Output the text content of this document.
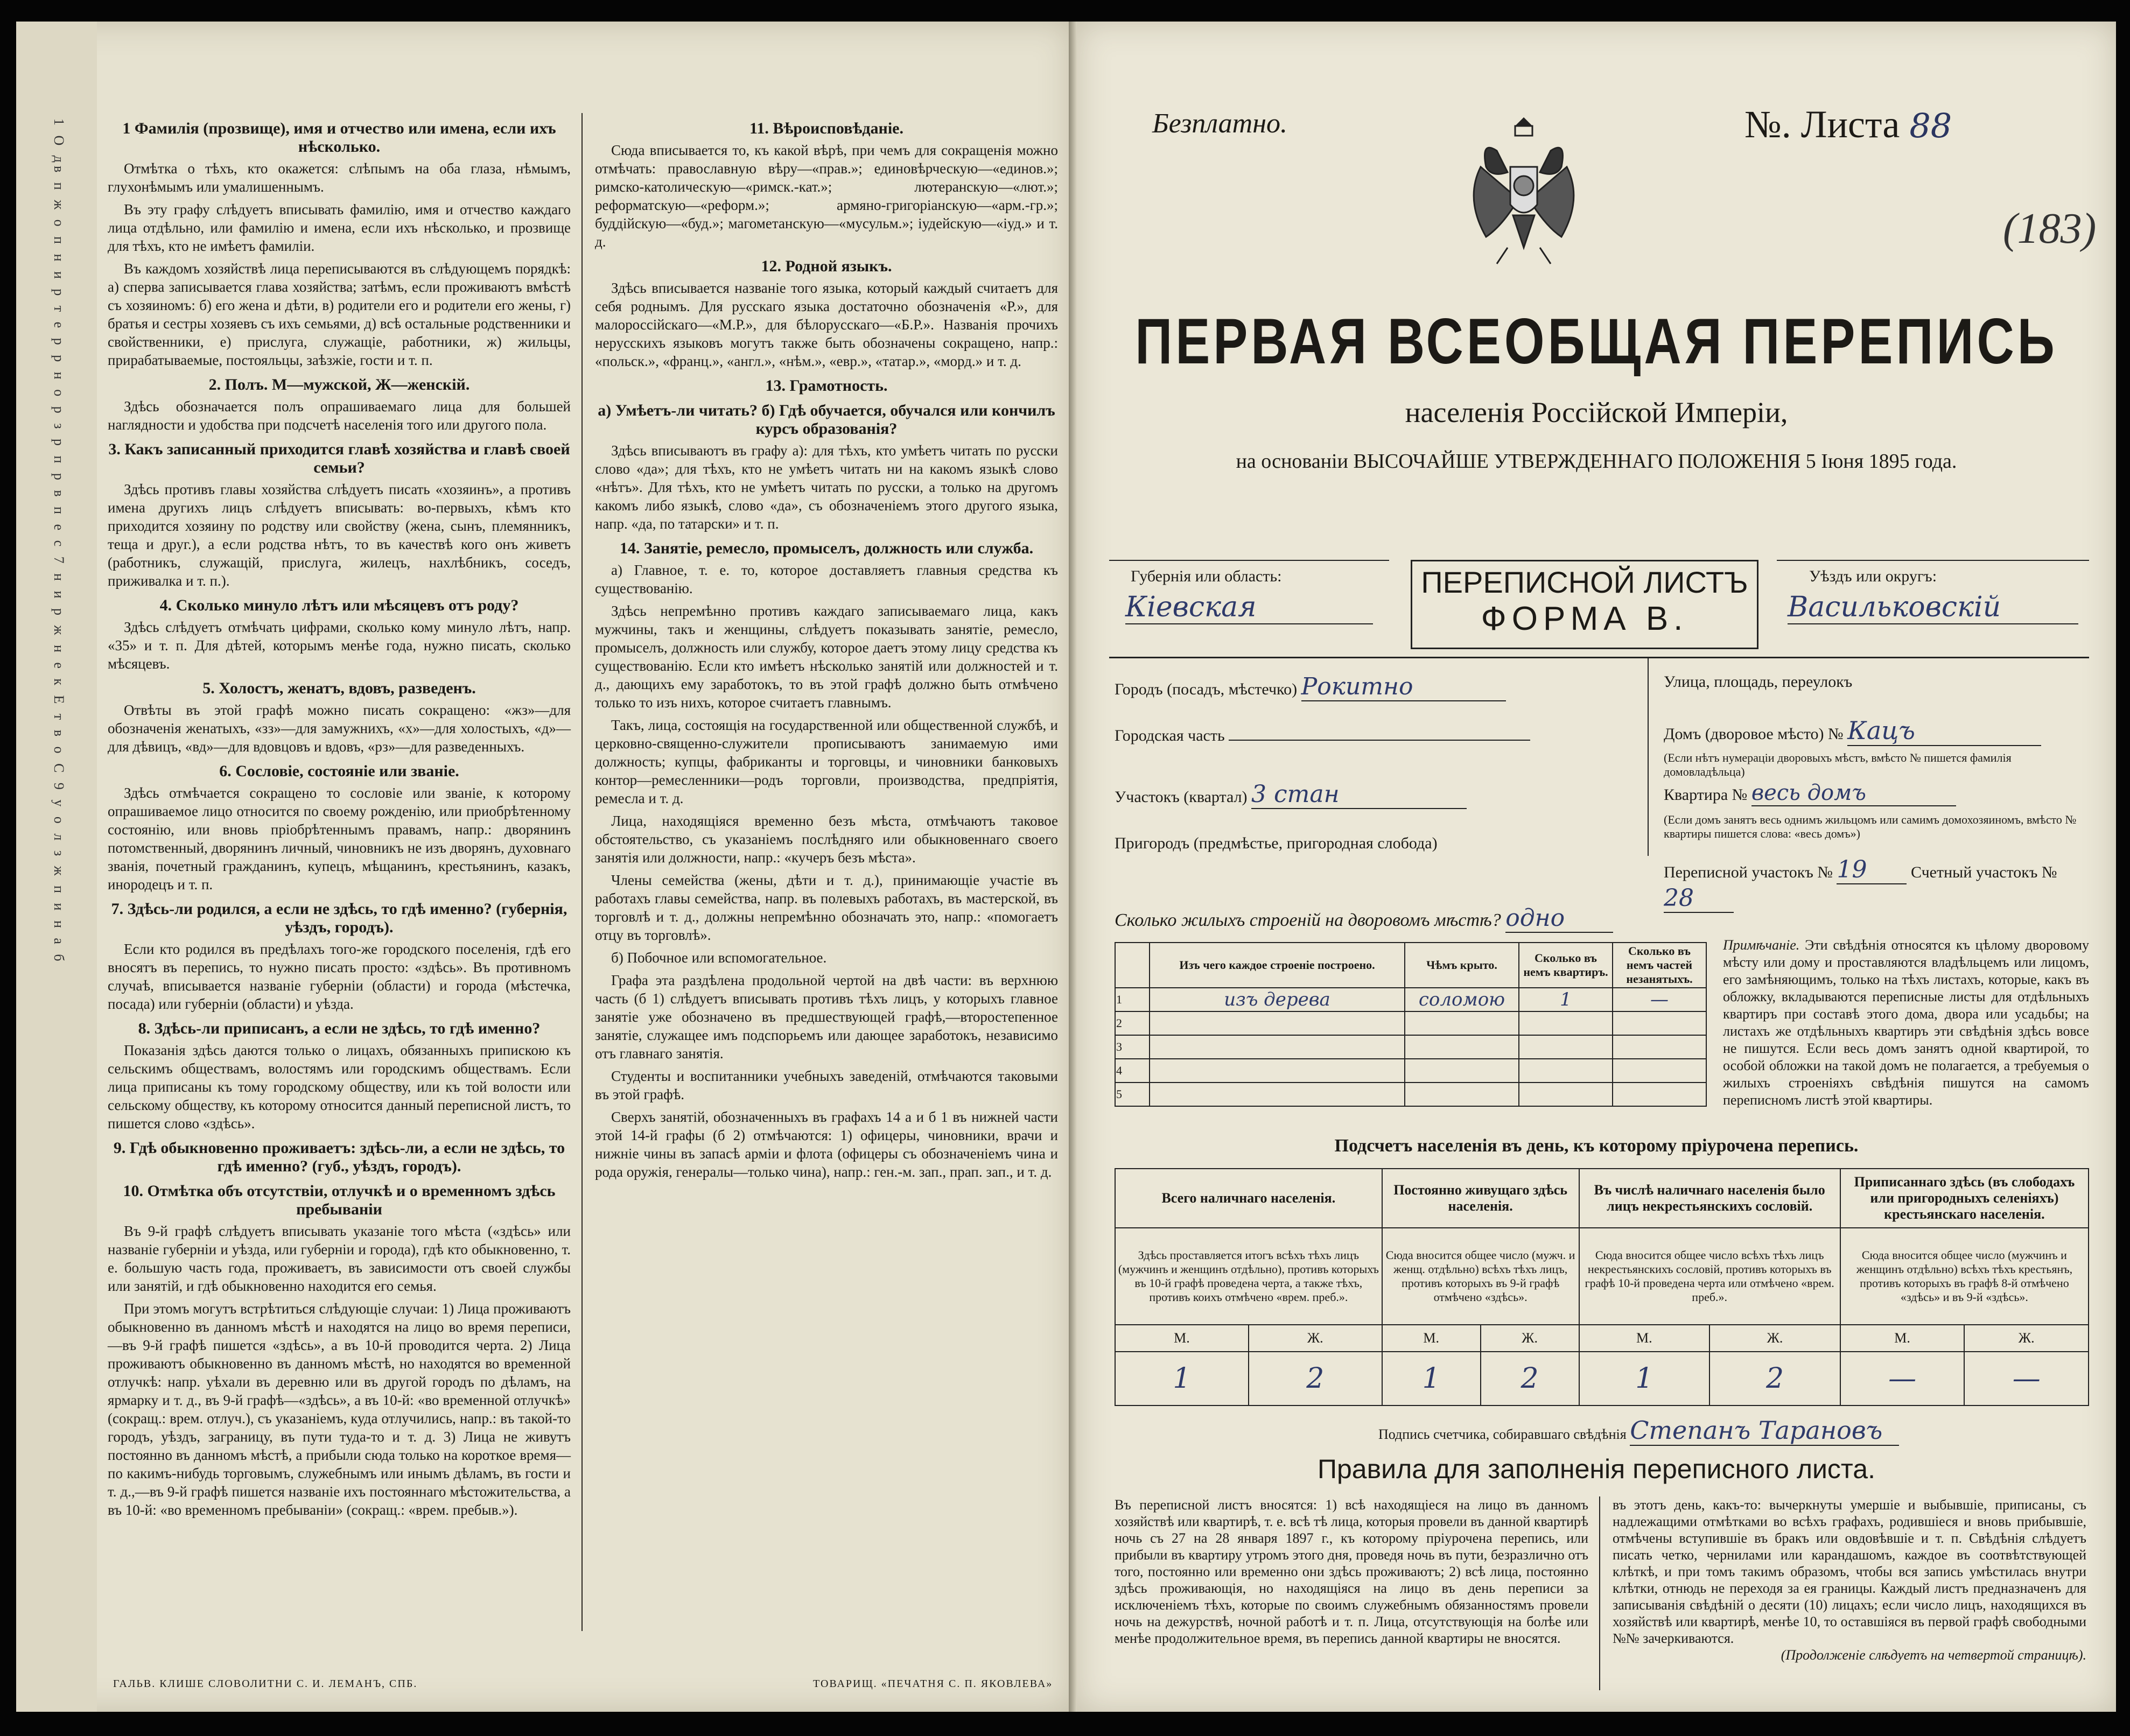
1 О дв п ж о п н и р т е р р н о р з р п р в п е с 7 н и р ж н е к Е т в о С 9 у о л з ж п и н а б	1 Фамилія (прозвище), имя и отчество или имена, если ихъ нѣсколько.

Отмѣтка о тѣхъ, кто окажется: слѣпымъ на оба глаза, нѣмымъ, глухонѣмымъ или умалишеннымъ.

Въ эту графу слѣдуетъ вписывать фамилію, имя и отчество каждаго лица отдѣльно, или фамилію и имена, если ихъ нѣсколько, и прозвище для тѣхъ, кто не имѣетъ фамиліи.

Въ каждомъ хозяйствѣ лица переписываются въ слѣдующемъ порядкѣ: а) сперва записывается глава хозяйства; затѣмъ, если проживаютъ вмѣстѣ съ хозяиномъ: б) его жена и дѣти, в) родители его и родители его жены, г) братья и сестры хозяевъ съ ихъ семьями, д) всѣ остальные родственники и свойственники, е) прислуга, служащіе, работники, ж) жильцы, прирабатываемые, постояльцы, заѣзжіе, гости и т. п.

2. Полъ. М—мужской, Ж—женскій.

Здѣсь обозначается полъ опрашиваемаго лица для большей наглядности и удобства при подсчетѣ населенія того или другого пола.

3. Какъ записанный приходится главѣ хозяйства и главѣ своей семьи?

Здѣсь противъ главы хозяйства слѣдуетъ писать «хозяинъ», а противъ имена другихъ лицъ слѣдуетъ вписывать: во-первыхъ, кѣмъ кто приходится хозяину по родству или свойству (жена, сынъ, племянникъ, теща и друг.), а если родства нѣтъ, то въ качествѣ кого онъ живетъ (работникъ, служащій, прислуга, жилецъ, нахлѣбникъ, соседъ, приживалка и т. п.).

4. Сколько минуло лѣтъ или мѣсяцевъ отъ роду?

Здѣсь слѣдуетъ отмѣчать цифрами, сколько кому минуло лѣтъ, напр. «35» и т. п. Для дѣтей, которымъ менѣе года, нужно писать, сколько мѣсяцевъ.

5. Холостъ, женатъ, вдовъ, разведенъ.

Отвѣты въ этой графѣ можно писать сокращено: «жз»—для обозначенія женатыхъ, «зз»—для замужнихъ, «х»—для холостыхъ, «д»—для дѣвицъ, «вд»—для вдовцовъ и вдовъ, «рз»—для разведенныхъ.

6. Сословіе, состояніе или званіе.

Здѣсь отмѣчается сокращено то сословіе или званіе, к которому опрашиваемое лицо относится по своему рожденію, или приобрѣтенному состоянію, или вновь пріобрѣтеннымъ правамъ, напр.: дворянинъ потомственный, дворянинъ личный, чиновникъ не изъ дворянъ, духовнаго званія, почетный гражданинъ, купецъ, мѣщанинъ, крестьянинъ, казакъ, инородецъ и т. п.

7. Здѣсь-ли родился, а если не здѣсь, то гдѣ именно? (губернія, уѣздъ, городъ).

Если кто родился въ предѣлахъ того-же городского поселенія, гдѣ его вносятъ въ перепись, то нужно писать просто: «здѣсь». Въ противномъ случаѣ, вписывается названіе губерніи (области) и города (мѣстечка, посада) или губерніи (области) и уѣзда.

8. Здѣсь-ли приписанъ, а если не здѣсь, то гдѣ именно?

Показанія здѣсь даются только о лицахъ, обязанныхъ припискою къ сельскимъ обществамъ, волостямъ или городскимъ обществамъ. Если лица приписаны къ тому городскому обществу, или къ той волости или сельскому обществу, къ которому относится данный переписной листъ, то пишется слово «здѣсь».

9. Гдѣ обыкновенно проживаетъ: здѣсь-ли, а если не здѣсь, то гдѣ именно? (губ., уѣздъ, городъ).
10. Отмѣтка объ отсутствіи, отлучкѣ и о временномъ здѣсь пребываніи

Въ 9-й графѣ слѣдуетъ вписывать указаніе того мѣста («здѣсь» или названіе губерніи и уѣзда, или губерніи и города), гдѣ кто обыкновенно, т. е. большую часть года, проживаетъ, въ зависимости отъ своей службы или занятій, и гдѣ обыкновенно находится его семья.

При этомъ могутъ встрѣтиться слѣдующіе случаи: 1) Лица проживаютъ обыкновенно въ данномъ мѣстѣ и находятся на лицо во время переписи,—въ 9-й графѣ пишется «здѣсь», а въ 10-й проводится черта. 2) Лица проживаютъ обыкновенно въ данномъ мѣстѣ, но находятся во временной отлучкѣ: напр. уѣхали въ деревню или въ другой городъ по дѣламъ, на ярмарку и т. д., въ 9-й графѣ—«здѣсь», а въ 10-й: «во временной отлучкѣ» (сокращ.: врем. отлуч.), съ указаніемъ, куда отлучились, напр.: въ такой-то городъ, уѣздъ, заграницу, въ пути туда-то и т. д. 3) Лица не живутъ постоянно въ данномъ мѣстѣ, а прибыли сюда только на короткое время—по какимъ-нибудь торговымъ, служебнымъ или инымъ дѣламъ, въ гости и т. д.,—въ 9-й графѣ пишется названіе ихъ постояннаго мѣстожительства, а въ 10-й: «во временномъ пребываніи» (сокращ.: «врем. пребыв.»).

11. Вѣроисповѣданіе.

Сюда вписывается то, къ какой вѣрѣ, при чемъ для сокращенія можно отмѣчать: православную вѣру—«прав.»; единовѣрческую—«единов.»; римско-католическую—«римск.-кат.»; лютеранскую—«лют.»; реформатскую—«реформ.»; армяно-григоріанскую—«арм.-гр.»; буддійскую—«буд.»; магометанскую—«мусульм.»; іудейскую—«іуд.» и т. д.

12. Родной языкъ.

Здѣсь вписывается названіе того языка, который каждый считаетъ для себя роднымъ. Для русскаго языка достаточно обозначенія «Р.», для малороссійскаго—«М.Р.», для бѣлорусскаго—«Б.Р.». Названія прочихъ нерусскихъ языковъ могутъ также быть обозначены сокращено, напр.: «польск.», «франц.», «англ.», «нѣм.», «евр.», «татар.», «морд.» и т. д.

13. Грамотность.
а) Умѣетъ-ли читать? б) Гдѣ обучается, обучался или кончилъ курсъ образованія?

Здѣсь вписываютъ въ графу а): для тѣхъ, кто умѣетъ читать по русски слово «да»; для тѣхъ, кто не умѣетъ читать ни на какомъ языкѣ слово «нѣтъ». Для тѣхъ, кто не умѣетъ читать по русски, а только на другомъ какомъ либо языкѣ, слово «да», съ обозначеніемъ этого другого языка, напр. «да, по татарски» и т. п.

14. Занятіе, ремесло, промыселъ, должность или служба.

а) Главное, т. е. то, которое доставляетъ главныя средства къ существованію.

Здѣсь непремѣнно противъ каждаго записываемаго лица, какъ мужчины, такъ и женщины, слѣдуетъ показывать занятіе, ремесло, промыселъ, должность или службу, которое даетъ этому лицу средства къ существованію. Если кто имѣетъ нѣсколько занятій или должностей и т. д., дающихъ ему заработокъ, то въ этой графѣ должно быть отмѣчено только то изъ нихъ, которое считаетъ главнымъ.

Такъ, лица, состоящія на государственной или общественной службѣ, и церковно-священно-служители прописываютъ занимаемую ими должность; купцы, фабриканты и торговцы, и чиновники банковыхъ контор—ремесленники—родъ торговли, производства, предпріятія, ремесла и т. д.

Лица, находящіяся временно безъ мѣста, отмѣчаютъ таковое обстоятельство, съ указаніемъ послѣдняго или обыкновеннаго своего занятія или должности, напр.: «кучеръ безъ мѣста».

Члены семейства (жены, дѣти и т. д.), принимающіе участіе въ работахъ главы семейства, напр. въ полевыхъ работахъ, въ мастерской, въ торговлѣ и т. д., должны непремѣнно обозначать это, напр.: «помогаетъ отцу въ торговлѣ».

б) Побочное или вспомогательное.

Графа эта раздѣлена продольной чертой на двѣ части: въ верхнюю часть (б 1) слѣдуетъ вписывать противъ тѣхъ лицъ, у которыхъ главное занятіе уже обозначено въ предшествующей графѣ,—второстепенное занятіе, служащее имъ подспорьемъ или дающее заработокъ, независимо отъ главнаго занятія.

Студенты и воспитанники учебныхъ заведеній, отмѣчаются таковыми въ этой графѣ.

Сверхъ занятій, обозначенныхъ въ графахъ 14 а и б 1 въ нижней части этой 14-й графы (б 2) отмѣчаются: 1) офицеры, чиновники, врачи и нижніе чины въ запасѣ арміи и флота (офицеры съ обозначеніемъ чина и рода оружія, генералы—только чина), напр.: ген.-м. зап., прап. зап., и т. д.

ГАЛЬВ. КЛИШЕ СЛОВОЛИТНИ С. И. ЛЕМАНЪ, СПБ.	ТОВАРИЩ. «ПЕЧАТНЯ С. П. ЯКОВЛЕВА»
Безплатно.	№. Листа 88
(183)
ПЕРВАЯ ВСЕОБЩАЯ ПЕРЕПИСЬ
населенія Россійской Имперіи,
на основаніи ВЫСОЧАЙШЕ УТВЕРЖДЕННАГО ПОЛОЖЕНІЯ 5 Іюня 1895 года.
Губернія или область:
Кіевская
ПЕРЕПИСНОЙ ЛИСТЪ
ФОРМА В.
Уѣздъ или округъ:
Васильковскій
Городъ (посадъ, мѣстечко) Рокитно
Городская часть
Участокъ (квартал) 3 стан
Пригородъ (предмѣстье, пригородная слобода)
Улица, площадь, переулокъ
Домъ (дворовое мѣсто) № Кацъ
(Если нѣтъ нумераціи дворовыхъ мѣстъ, вмѣсто № пишется фамилія домовладѣльца)
Квартира № весь домъ
(Если домъ занятъ весь однимъ жильцомъ или самимъ домохозяиномъ, вмѣсто № квартиры пишется слова: «весь домъ»)
Переписной участокъ № 19	Счетный участокъ № 28
Сколько жилыхъ строеній на дворовомъ мѣстѣ? одно
	Изъ чего каждое строеніе построено.	Чѣмъ крыто.	Сколько въ немъ квартиръ.	Сколько въ немъ частей незанятыхъ.
1	изъ дерева	соломою	1	—
2				
3				
4				
5				
Примѣчаніе. Эти свѣдѣнія относятся къ цѣлому дворовому мѣсту или дому и проставляются владѣльцемъ или лицомъ, его замѣняющимъ, только на тѣхъ листахъ, которые, какъ въ обложку, вкладываются переписные листы для отдѣльныхъ квартиръ при составѣ этого дома, двора или усадьбы; на листахъ же отдѣльныхъ квартиръ эти свѣдѣнія здѣсь вовсе не пишутся. Если весь домъ занятъ одной квартирой, то особой обложки на такой домъ не полагается, а требуемыя о жилыхъ строеніяхъ свѣдѣнія пишутся на самомъ переписномъ листѣ этой квартиры.
Подсчетъ населенія въ день, къ которому пріурочена перепись.
Всего наличнаго населенія.		Постоянно живущаго здѣсь населенія.		Въ числѣ наличнаго населенія было лицъ некрестьянскихъ сословій.		Приписаннаго здѣсь (въ слободахъ или пригородныхъ селеніяхъ) крестьянскаго населенія.	
Здѣсь проставляется итогъ всѣхъ тѣхъ лицъ (мужчинъ и женщинъ отдѣльно), противъ которыхъ въ 10-й графѣ проведена черта, а также тѣхъ, противъ коихъ отмѣчено «врем. преб.».		Сюда вносится общее число (мужч. и женщ. отдѣльно) всѣхъ тѣхъ лицъ, противъ которыхъ въ 9-й графѣ отмѣчено «здѣсь».		Сюда вносится общее число всѣхъ тѣхъ лицъ некрестьянскихъ сословій, противъ которыхъ въ графѣ 10-й проведена черта или отмѣчено «врем. преб.».		Сюда вносится общее число (мужчинъ и женщинъ отдѣльно) всѣхъ тѣхъ крестьянъ, противъ которыхъ въ графѣ 8-й отмѣчено «здѣсь» и въ 9-й «здѣсь».	
М.	Ж.	М.	Ж.	М.	Ж.	М.	Ж.
1	2	1	2	1	2	—	—
Подпись счетчика, собиравшаго свѣдѣнія Степанъ Тарановъ
Правила для заполненія переписного листа.
Въ переписной листъ вносятся: 1) всѣ находящіеся на лицо въ данномъ хозяйствѣ или квартирѣ, т. е. всѣ тѣ лица, которыя провели въ данной квартирѣ ночь съ 27 на 28 января 1897 г., къ которому пріурочена перепись, или прибыли въ квартиру утромъ этого дня, проведя ночь въ пути, безразлично отъ того, постоянно или временно они здѣсь проживаютъ; 2) всѣ лица, постоянно здѣсь проживающія, но находящіяся на лицо въ день переписи за исключеніемъ тѣхъ, которые по своимъ служебнымъ обязанностямъ провели ночь на дежурствѣ, ночной работѣ и т. п. Лица, отсутствующія на болѣе или менѣе продолжительное время, въ перепись данной квартиры не вносятся.
въ этотъ день, какъ-то: вычеркнуты умершіе и выбывшіе, приписаны, съ надлежащими отмѣтками во всѣхъ графахъ, родившіеся и вновь прибывшіе, отмѣчены вступившіе въ бракъ или овдовѣвшіе и т. п. Свѣдѣнія слѣдуетъ писать четко, чернилами или карандашомъ, каждое въ соотвѣтствующей клѣткѣ, и при томъ такимъ образомъ, чтобы вся запись умѣстилась внутри клѣтки, отнюдь не переходя за ея границы. Каждый листъ предназначенъ для записыванія свѣдѣній о десяти (10) лицахъ; если число лицъ, находящихся въ хозяйствѣ или квартирѣ, менѣе 10, то оставшіяся въ первой графѣ свободными №№ зачеркиваются.
(Продолженіе слѣдуетъ на четвертой страницѣ).
